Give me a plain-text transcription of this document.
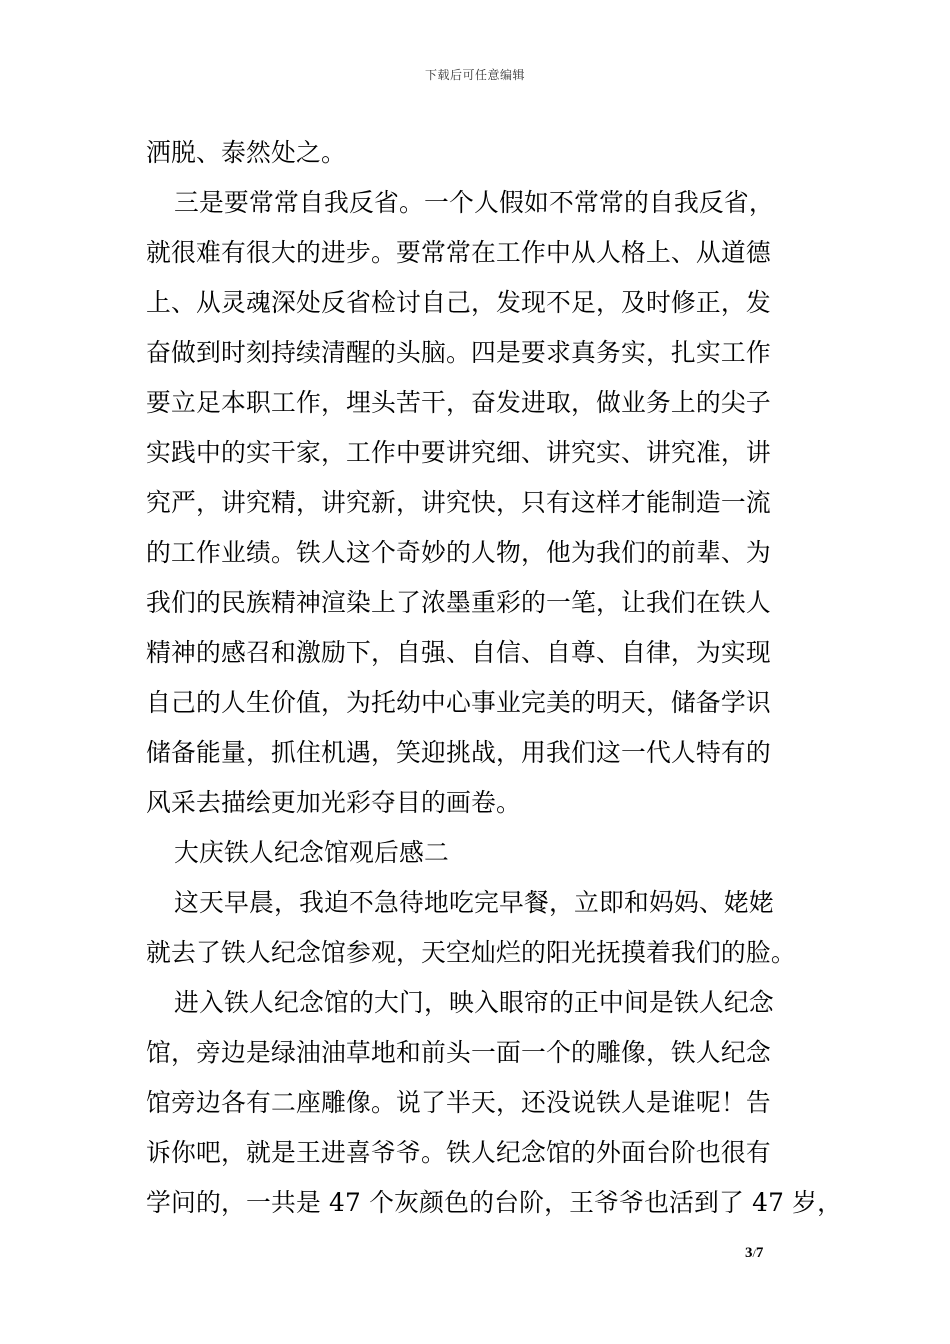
下载后可任意编辑
洒脱、泰然处之。
三是要常常自我反省。一个人假如不常常的自我反省，
就很难有很大的进步。要常常在工作中从人格上、从道德
上、从灵魂深处反省检讨自己，发现不足，及时修正，发
奋做到时刻持续清醒的头脑。四是要求真务实，扎实工作
要立足本职工作，埋头苦干，奋发进取，做业务上的尖子
实践中的实干家，工作中要讲究细、讲究实、讲究准，讲
究严，讲究精，讲究新，讲究快，只有这样才能制造一流
的工作业绩。铁人这个奇妙的人物，他为我们的前辈、为
我们的民族精神渲染上了浓墨重彩的一笔，让我们在铁人
精神的感召和激励下，自强、自信、自尊、自律，为实现
自己的人生价值，为托幼中心事业完美的明天，储备学识
储备能量，抓住机遇，笑迎挑战，用我们这一代人特有的
风采去描绘更加光彩夺目的画卷。
大庆铁人纪念馆观后感二
这天早晨，我迫不急待地吃完早餐，立即和妈妈、姥姥
就去了铁人纪念馆参观，天空灿烂的阳光抚摸着我们的脸。
进入铁人纪念馆的大门，映入眼帘的正中间是铁人纪念
馆，旁边是绿油油草地和前头一面一个的雕像，铁人纪念
馆旁边各有二座雕像。说了半天，还没说铁人是谁呢！告
诉你吧，就是王进喜爷爷。铁人纪念馆的外面台阶也很有
学问的，一共是 47 个灰颜色的台阶，王爷爷也活到了 47 岁，
3/7
